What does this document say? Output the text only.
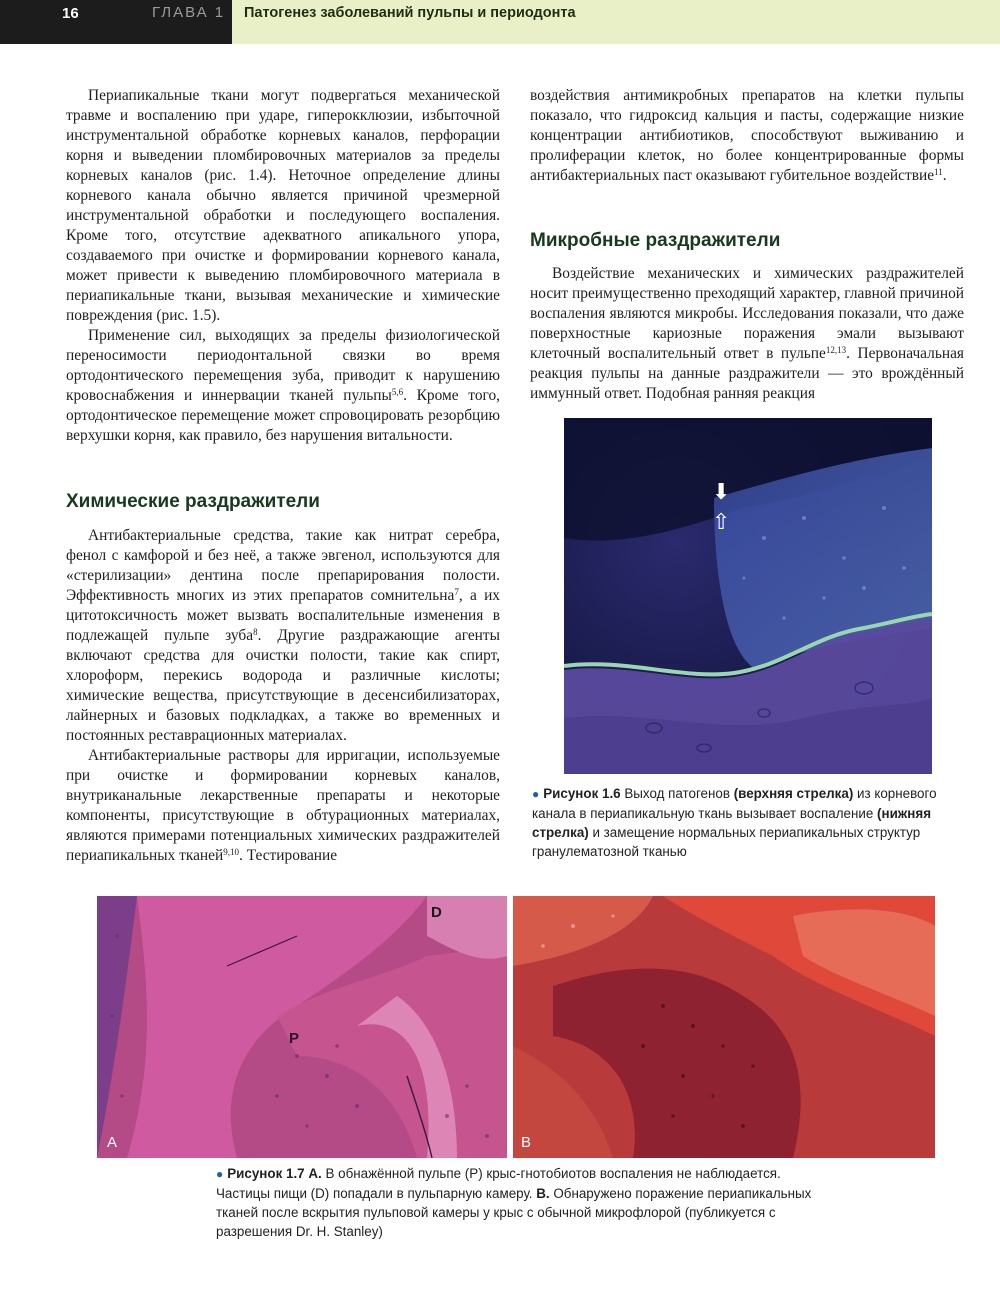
16	ГЛАВА 1 Патогенез заболеваний пульпы и периодонта

Периапикальные ткани могут подвергаться механической травме и воспалению при ударе, гиперокклюзии, избыточной инструментальной обработке корневых каналов, перфорации корня и выведении пломбировочных материалов за пределы корневых каналов (рис. 1.4). Неточное определение длины корневого канала обычно является причиной чрезмерной инструментальной обработки и последующего воспаления. Кроме того, отсутствие адекватного апикального упора, создаваемого при очистке и формировании корневого канала, может привести к выведению пломбировочного материала в периапикальные ткани, вызывая механические и химические повреждения (рис. 1.5).

Применение сил, выходящих за пределы физиологической переносимости периодонтальной связки во время ортодонтического перемещения зуба, приводит к нарушению кровоснабжения и иннервации тканей пульпы$^{5,6}$. Кроме того, ортодонтическое перемещение может спровоцировать резорбцию верхушки корня, как правило, без нарушения витальности.

Химические раздражители

Антибактериальные средства, такие как нитрат серебра, фенол с камфорой и без неё, а также эвгенол, используются для «стерилизации» дентина после препарирования полости. Эффективность многих из этих препаратов сомнительна$^7$, а их цитотоксичность может вызвать воспалительные изменения в подлежащей пульпе зуба$^8$. Другие раздражающие агенты включают средства для очистки полости, такие как спирт, хлороформ, перекись водорода и различные кислоты; химические вещества, присутствующие в десенсибилизаторах, лайнерных и базовых подкладках, а также во временных и постоянных реставрационных материалах.

Антибактериальные растворы для ирригации, используемые при очистке и формировании корневых каналов, внутриканальные лекарственные препараты и некоторые компоненты, присутствующие в обтурационных материалах, являются примерами потенциальных химических раздражителей периапикальных тканей$^{9,10}$. Тестирование

воздействия антимикробных препаратов на клетки пульпы показало, что гидроксид кальция и пасты, содержащие низкие концентрации антибиотиков, способствуют выживанию и пролиферации клеток, но более концентрированные формы антибактериальных паст оказывают губительное воздействие$^{11}$.

Микробные раздражители

Воздействие механических и химических раздражителей носит преимущественно преходящий характер, главной причиной воспаления являются микробы. Исследования показали, что даже поверхностные кариозные поражения эмали вызывают клеточный воспалительный ответ в пульпе$^{12,13}$. Первоначальная реакция пульпы на данные раздражители — это врождённый иммунный ответ. Подобная ранняя реакция

⬇
⇧

● Рисунок 1.6 Выход патогенов (верхняя стрелка) из корневого канала в периапикальную ткань вызывает воспаление (нижняя стрелка) и замещение нормальных периапикальных структур гранулематозной тканью

A
D
P
B

● Рисунок 1.7 A. В обнажённой пульпе (Р) крыс-гнотобиотов воспаления не наблюдается. Частицы пищи (D) попадали в пульпарную камеру. B. Обнаружено поражение периапикальных тканей после вскрытия пульповой камеры у крыс с обычной микрофлорой (публикуется с разрешения Dr. H. Stanley)
